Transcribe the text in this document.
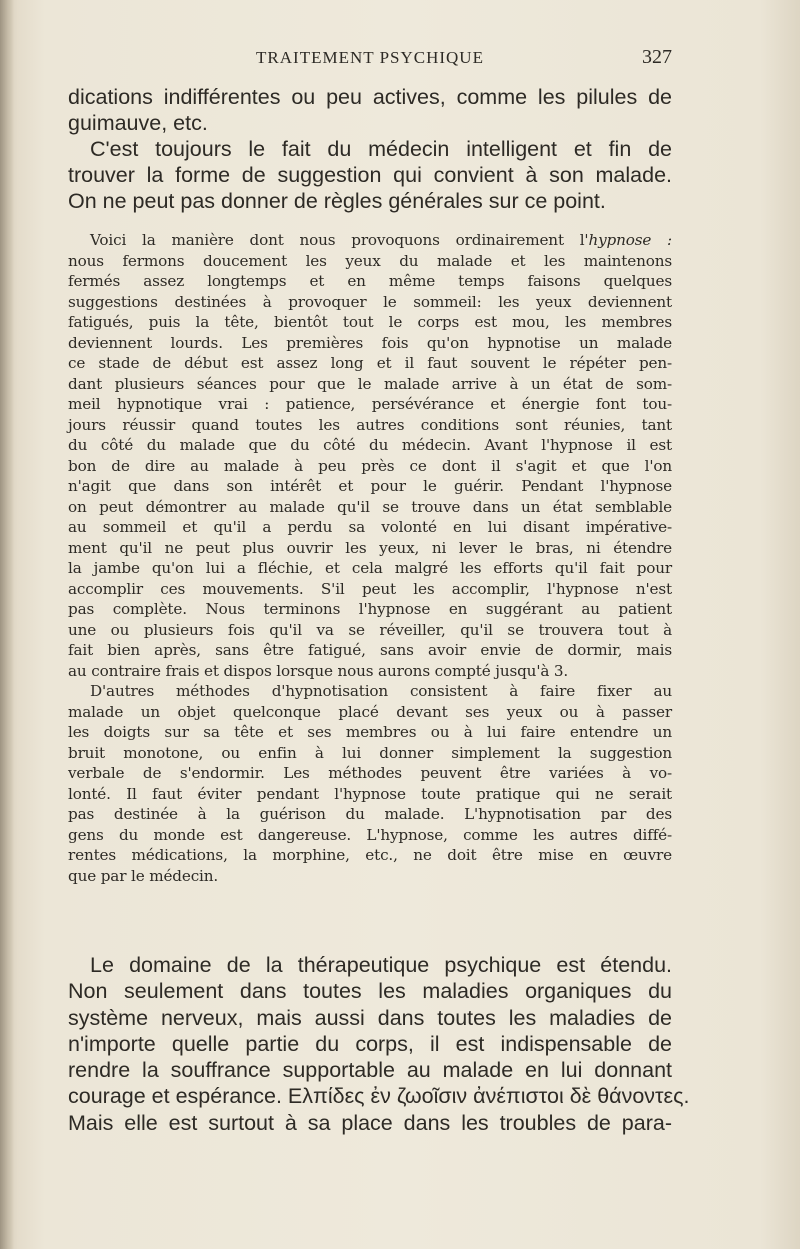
TRAITEMENT PSYCHIQUE	327
dications indifférentes ou peu actives, comme les pilules de
guimauve, etc.
C'est toujours le fait du médecin intelligent et fin de
trouver la forme de suggestion qui convient à son malade.
On ne peut pas donner de règles générales sur ce point.
Voici la manière dont nous provoquons ordinairement l'hypnose :
nous fermons doucement les yeux du malade et les maintenons
fermés assez longtemps et en même temps faisons quelques
suggestions destinées à provoquer le sommeil: les yeux deviennent
fatigués, puis la tête, bientôt tout le corps est mou, les membres
deviennent lourds. Les premières fois qu'on hypnotise un malade
ce stade de début est assez long et il faut souvent le répéter pen-
dant plusieurs séances pour que le malade arrive à un état de som-
meil hypnotique vrai : patience, persévérance et énergie font tou-
jours réussir quand toutes les autres conditions sont réunies, tant
du côté du malade que du côté du médecin. Avant l'hypnose il est
bon de dire au malade à peu près ce dont il s'agit et que l'on
n'agit que dans son intérêt et pour le guérir. Pendant l'hypnose
on peut démontrer au malade qu'il se trouve dans un état semblable
au sommeil et qu'il a perdu sa volonté en lui disant impérative-
ment qu'il ne peut plus ouvrir les yeux, ni lever le bras, ni étendre
la jambe qu'on lui a fléchie, et cela malgré les efforts qu'il fait pour
accomplir ces mouvements. S'il peut les accomplir, l'hypnose n'est
pas complète. Nous terminons l'hypnose en suggérant au patient
une ou plusieurs fois qu'il va se réveiller, qu'il se trouvera tout à
fait bien après, sans être fatigué, sans avoir envie de dormir, mais
au contraire frais et dispos lorsque nous aurons compté jusqu'à 3.
D'autres méthodes d'hypnotisation consistent à faire fixer au
malade un objet quelconque placé devant ses yeux ou à passer
les doigts sur sa tête et ses membres ou à lui faire entendre un
bruit monotone, ou enfin à lui donner simplement la suggestion
verbale de s'endormir. Les méthodes peuvent être variées à vo-
lonté. Il faut éviter pendant l'hypnose toute pratique qui ne serait
pas destinée à la guérison du malade. L'hypnotisation par des
gens du monde est dangereuse. L'hypnose, comme les autres diffé-
rentes médications, la morphine, etc., ne doit être mise en œuvre
que par le médecin.
Le domaine de la thérapeutique psychique est étendu.
Non seulement dans toutes les maladies organiques du
système nerveux, mais aussi dans toutes les maladies de
n'importe quelle partie du corps, il est indispensable de
rendre la souffrance supportable au malade en lui donnant
courage et espérance. Ελπίδες ἐν ζωοῖσιν ἀνέπιστοι δὲ θάνοντες.
Mais elle est surtout à sa place dans les troubles de para-
